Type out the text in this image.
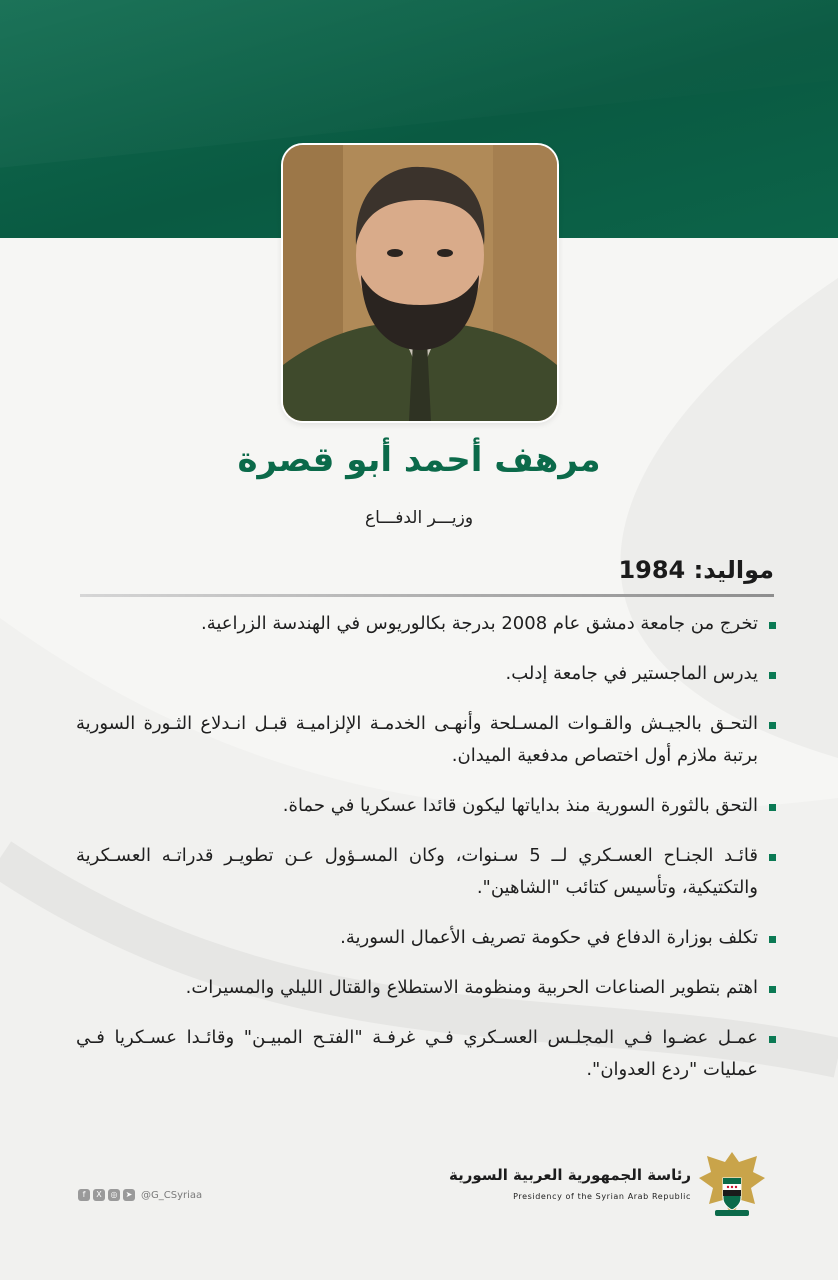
مرهف أحمد أبو قصرة
وزيـــر الدفـــاع
مواليد: 1984
تخرج من جامعة دمشق عام 2008 بدرجة بكالوريوس في الهندسة الزراعية.
يدرس الماجستير في جامعة إدلب.
التحـق بالجيـش والقـوات المسـلحة وأنهـى الخدمـة الإلزاميـة قبـل انـدلاع الثـورة السورية برتبة ملازم أول اختصاص مدفعية الميدان.
التحق بالثورة السورية منذ بداياتها ليكون قائدا عسكريا في حماة.
قائـد الجنـاح العسـكري لــ 5 سـنوات، وكان المسـؤول عـن تطويـر قدراتـه العسـكرية والتكتيكية، وتأسيس كتائب "الشاهين".
تكلف بوزارة الدفاع في حكومة تصريف الأعمال السورية.
اهتم بتطوير الصناعات الحربية ومنظومة الاستطلاع والقتال الليلي والمسيرات.
عمـل عضـوا فـي المجلـس العسـكري فـي غرفـة "الفتـح المبيـن" وقائـدا عسـكريا فـي عمليات "ردع العدوان".
f	X	◎	➤ @G_CSyriaa
رئاسة الجمهورية العربية السورية
Presidency of the Syrian Arab Republic
